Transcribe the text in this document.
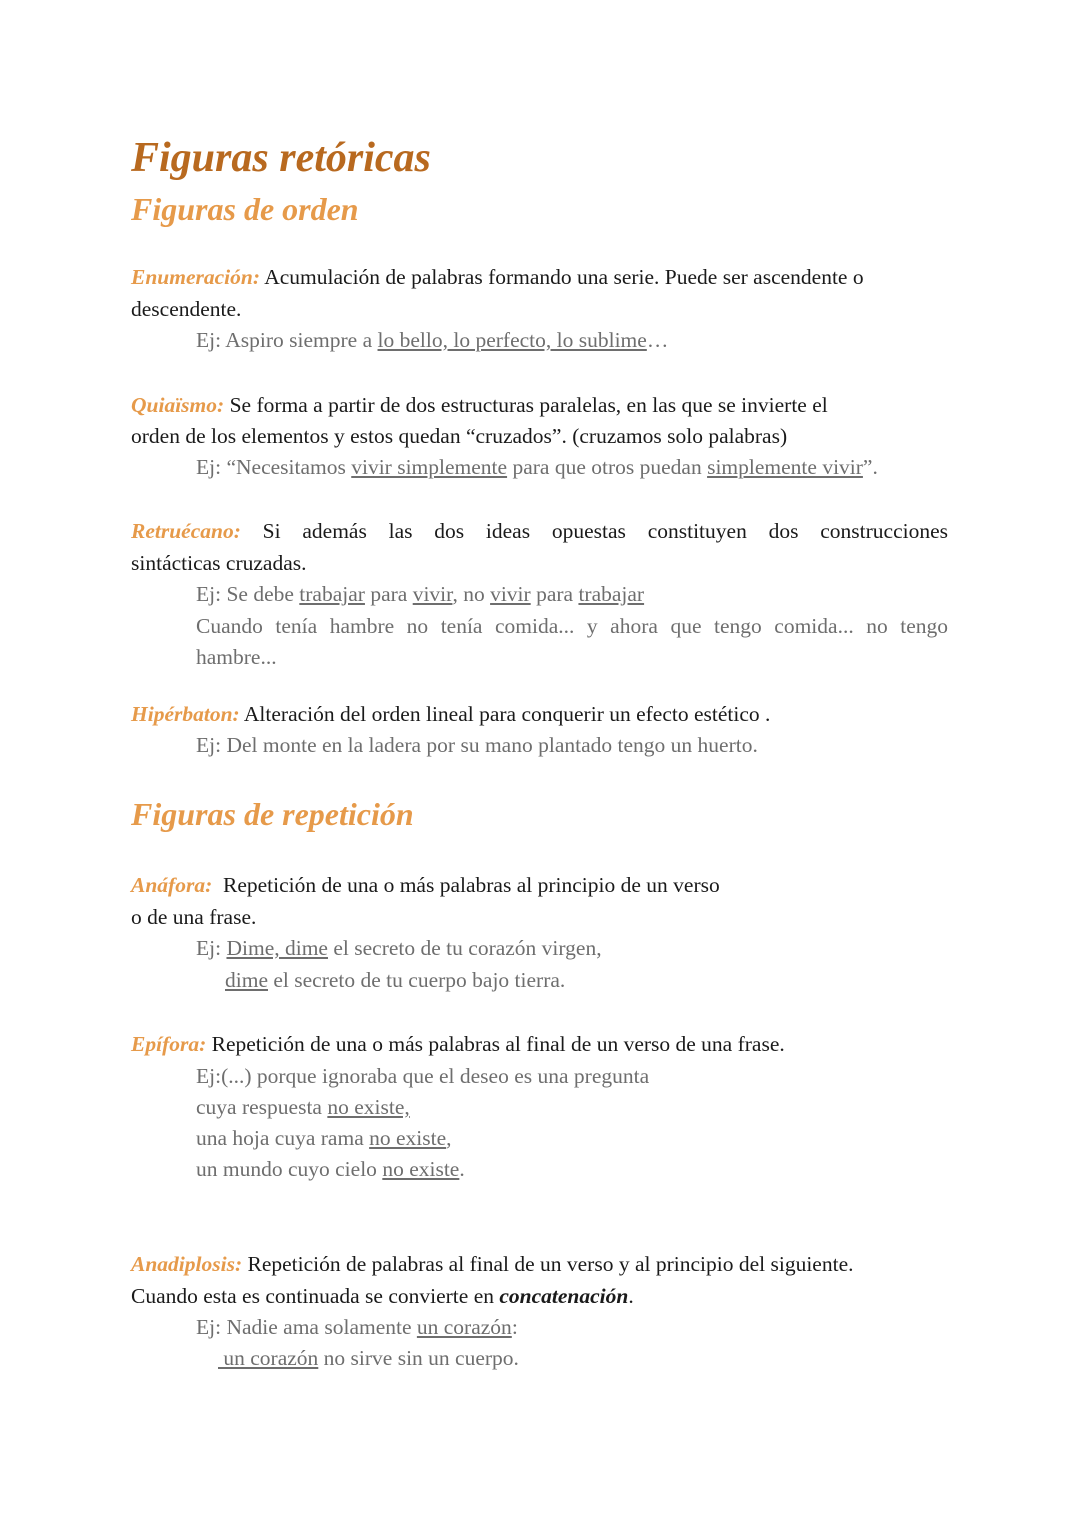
Figuras retóricas
Figuras de orden

Enumeración: Acumulación de palabras formando una serie. Puede ser ascendente o

descendente.

Ej: Aspiro siempre a lo bello, lo perfecto, lo sublime…

Quiaïsmo: Se forma a partir de dos estructuras paralelas, en las que se invierte el

orden de los elementos y estos quedan “cruzados”. (cruzamos solo palabras)

Ej: “Necesitamos vivir simplemente para que otros puedan simplemente vivir”.

Retruécano: Si además las dos ideas opuestas constituyen dos construcciones

sintácticas cruzadas.

Ej: Se debe trabajar para vivir, no vivir para trabajar

Cuando tenía hambre no tenía comida... y ahora que tengo comida... no tengo

hambre...

Hipérbaton: Alteración del orden lineal para conquerir un efecto estético .

Ej: Del monte en la ladera por su mano plantado tengo un huerto.

Figuras de repetición

Anáfora:  Repetición de una o más palabras al principio de un verso

o de una frase.

Ej: Dime, dime el secreto de tu corazón virgen,

dime el secreto de tu cuerpo bajo tierra.

Epífora: Repetición de una o más palabras al final de un verso de una frase.

Ej:(...) porque ignoraba que el deseo es una pregunta

cuya respuesta no existe,

una hoja cuya rama no existe,

un mundo cuyo cielo no existe.

Anadiplosis: Repetición de palabras al final de un verso y al principio del siguiente.

Cuando esta es continuada se convierte en concatenación.

Ej: Nadie ama solamente un corazón:

un corazón no sirve sin un cuerpo.
